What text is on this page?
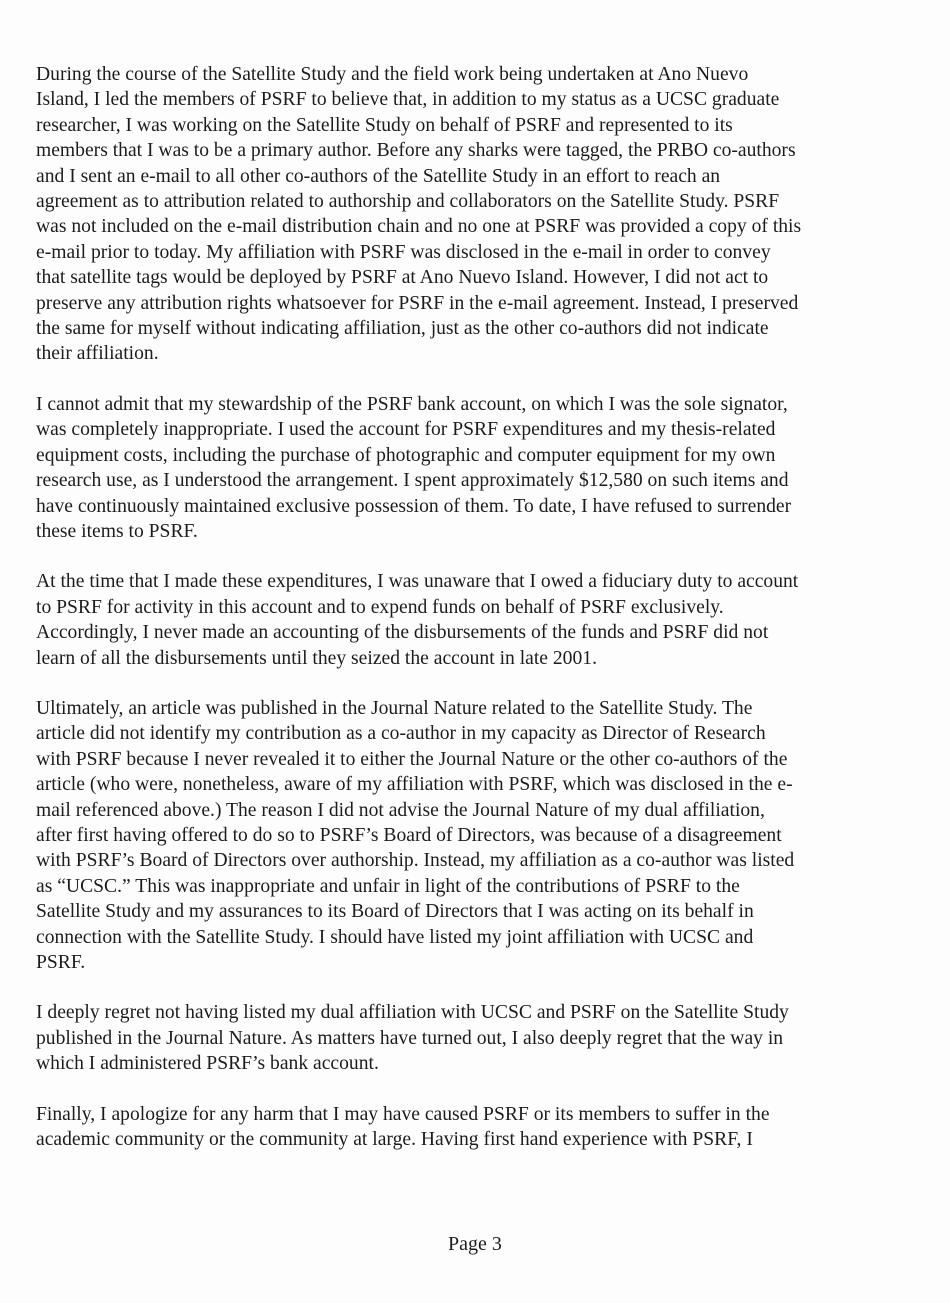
During the course of the Satellite Study and the field work being undertaken at Ano Nuevo
Island, I led the members of PSRF to believe that, in addition to my status as a UCSC graduate
researcher, I was working on the Satellite Study on behalf of PSRF and represented to its
members that I was to be a primary author. Before any sharks were tagged, the PRBO co-authors
and I sent an e-mail to all other co-authors of the Satellite Study in an effort to reach an
agreement as to attribution related to authorship and collaborators on the Satellite Study. PSRF
was not included on the e-mail distribution chain and no one at PSRF was provided a copy of this
e-mail prior to today. My affiliation with PSRF was disclosed in the e-mail in order to convey
that satellite tags would be deployed by PSRF at Ano Nuevo Island. However, I did not act to
preserve any attribution rights whatsoever for PSRF in the e-mail agreement. Instead, I preserved
the same for myself without indicating affiliation, just as the other co-authors did not indicate
their affiliation.

I cannot admit that my stewardship of the PSRF bank account, on which I was the sole signator,
was completely inappropriate. I used the account for PSRF expenditures and my thesis-related
equipment costs, including the purchase of photographic and computer equipment for my own
research use, as I understood the arrangement. I spent approximately $12,580 on such items and
have continuously maintained exclusive possession of them. To date, I have refused to surrender
these items to PSRF.

At the time that I made these expenditures, I was unaware that I owed a fiduciary duty to account
to PSRF for activity in this account and to expend funds on behalf of PSRF exclusively.
Accordingly, I never made an accounting of the disbursements of the funds and PSRF did not
learn of all the disbursements until they seized the account in late 2001.

Ultimately, an article was published in the Journal Nature related to the Satellite Study. The
article did not identify my contribution as a co-author in my capacity as Director of Research
with PSRF because I never revealed it to either the Journal Nature or the other co-authors of the
article (who were, nonetheless, aware of my affiliation with PSRF, which was disclosed in the e-
mail referenced above.) The reason I did not advise the Journal Nature of my dual affiliation,
after first having offered to do so to PSRF’s Board of Directors, was because of a disagreement
with PSRF’s Board of Directors over authorship. Instead, my affiliation as a co-author was listed
as “UCSC.” This was inappropriate and unfair in light of the contributions of PSRF to the
Satellite Study and my assurances to its Board of Directors that I was acting on its behalf in
connection with the Satellite Study. I should have listed my joint affiliation with UCSC and
PSRF.

I deeply regret not having listed my dual affiliation with UCSC and PSRF on the Satellite Study
published in the Journal Nature. As matters have turned out, I also deeply regret that the way in
which I administered PSRF’s bank account.

Finally, I apologize for any harm that I may have caused PSRF or its members to suffer in the
academic community or the community at large. Having first hand experience with PSRF, I

Page 3
